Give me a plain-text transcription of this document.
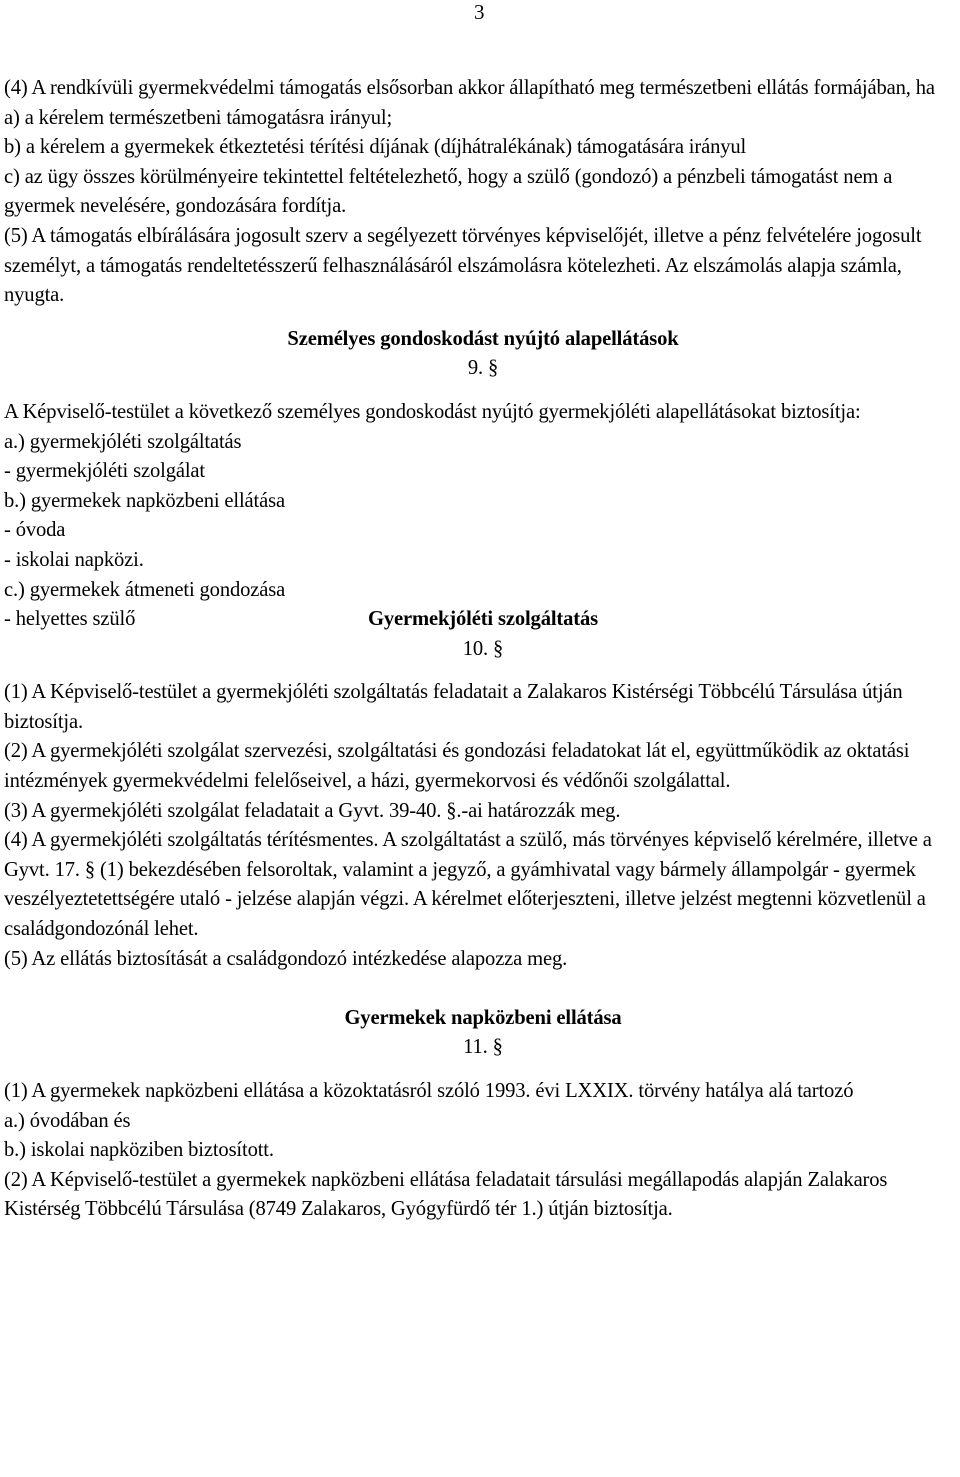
3

(4) A rendkívüli gyermekvédelmi támogatás elsősorban akkor állapítható meg természetbeni ellátás formájában, ha

a) a kérelem természetbeni támogatásra irányul;

b) a kérelem a gyermekek étkeztetési térítési díjának (díjhátralékának) támogatására irányul

c) az ügy összes körülményeire tekintettel feltételezhető, hogy a szülő (gondozó) a pénzbeli támogatást nem a gyermek nevelésére, gondozására fordítja.

(5) A támogatás elbírálására jogosult szerv a segélyezett törvényes képviselőjét, illetve a pénz felvételére jogosult személyt, a támogatás rendeltetésszerű felhasználásáról elszámolásra kötelezheti. Az elszámolás alapja számla, nyugta.

Személyes gondoskodást nyújtó alapellátások

9. §

A Képviselő-testület a következő személyes gondoskodást nyújtó gyermekjóléti alapellátásokat biztosítja:

a.) gyermekjóléti szolgáltatás

- gyermekjóléti szolgálat

b.) gyermekek napközbeni ellátása

- óvoda

- iskolai napközi.

c.) gyermekek átmeneti gondozása

- helyettes szülő	Gyermekjóléti szolgáltatás

10. §

(1) A Képviselő-testület a gyermekjóléti szolgáltatás feladatait a Zalakaros Kistérségi Többcélú Társulása útján biztosítja.

(2) A gyermekjóléti szolgálat szervezési, szolgáltatási és gondozási feladatokat lát el, együttműködik az oktatási intézmények gyermekvédelmi felelőseivel, a házi, gyermekorvosi és védőnői szolgálattal.

(3) A gyermekjóléti szolgálat feladatait a Gyvt. 39-40. §.-ai határozzák meg.

(4) A gyermekjóléti szolgáltatás térítésmentes. A szolgáltatást a szülő, más törvényes képviselő kérelmére, illetve a Gyvt. 17. § (1) bekezdésében felsoroltak, valamint a jegyző, a gyámhivatal vagy bármely állampolgár - gyermek veszélyeztetettségére utaló - jelzése alapján végzi. A kérelmet előterjeszteni, illetve jelzést megtenni közvetlenül a családgondozónál lehet.

(5) Az ellátás biztosítását a családgondozó intézkedése alapozza meg.

Gyermekek napközbeni ellátása

11. §

(1) A gyermekek napközbeni ellátása a közoktatásról szóló 1993. évi LXXIX. törvény hatálya alá tartozó

a.) óvodában és

b.) iskolai napköziben biztosított.

(2) A Képviselő-testület a gyermekek napközbeni ellátása feladatait társulási megállapodás alapján Zalakaros Kistérség Többcélú Társulása (8749 Zalakaros, Gyógyfürdő tér 1.) útján biztosítja.
